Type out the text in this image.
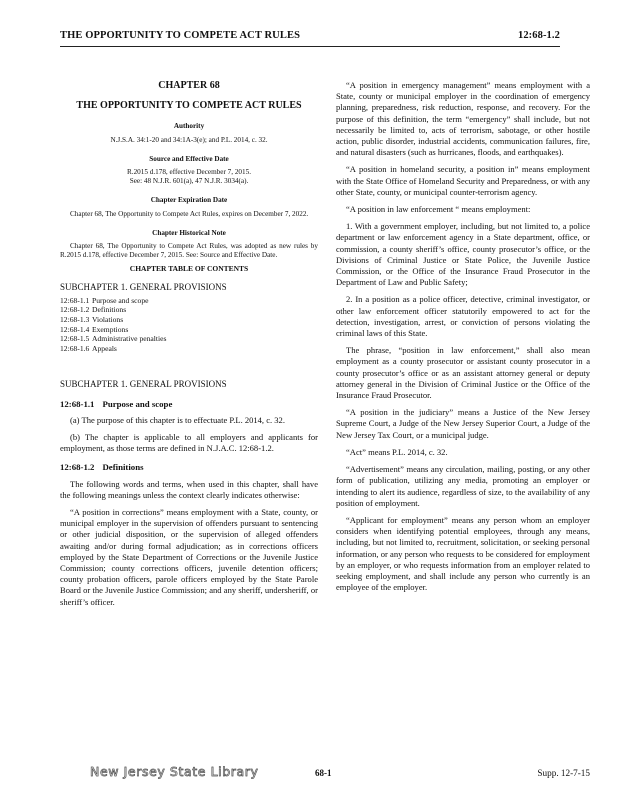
THE OPPORTUNITY TO COMPETE ACT RULES	12:68-1.2

CHAPTER 68

THE OPPORTUNITY TO COMPETE ACT RULES

Authority

N.J.S.A. 34:1-20 and 34:1A-3(e); and P.L. 2014, c. 32.

Source and Effective Date

R.2015 d.178, effective December 7, 2015.
See: 48 N.J.R. 601(a), 47 N.J.R. 3034(a).

Chapter Expiration Date

Chapter 68, The Opportunity to Compete Act Rules, expires on December 7, 2022.

Chapter Historical Note

Chapter 68, The Opportunity to Compete Act Rules, was adopted as new rules by R.2015 d.178, effective December 7, 2015. See: Source and Effective Date.

CHAPTER TABLE OF CONTENTS

SUBCHAPTER 1. GENERAL PROVISIONS

12:68-1.1 Purpose and scope
12:68-1.2 Definitions
12:68-1.3 Violations
12:68-1.4 Exemptions
12:68-1.5 Administrative penalties
12:68-1.6 Appeals

SUBCHAPTER 1. GENERAL PROVISIONS

12:68-1.1 Purpose and scope

(a) The purpose of this chapter is to effectuate P.L. 2014, c. 32.

(b) The chapter is applicable to all employers and applicants for employment, as those terms are defined in N.J.A.C. 12:68-1.2.

12:68-1.2 Definitions

The following words and terms, when used in this chapter, shall have the following meanings unless the context clearly indicates otherwise:

“A position in corrections” means employment with a State, county, or municipal employer in the supervision of offenders pursuant to sentencing or other judicial disposition, or the supervision of alleged offenders awaiting and/or during formal adjudication; as in corrections officers employed by the State Department of Corrections or the Juvenile Justice Commission; county corrections officers, juvenile detention officers; county probation officers, parole officers employed by the State Parole Board or the Juvenile Justice Commission; and any sheriff, undersheriff, or sheriff’s officer.

“A position in emergency management” means employment with a State, county or municipal employer in the coordination of emergency planning, preparedness, risk reduction, response, and recovery. For the purpose of this definition, the term “emergency” shall include, but not necessarily be limited to, acts of terrorism, sabotage, or other hostile action, public disorder, industrial accidents, communication failures, fire, and natural disasters (such as hurricanes, floods, and earthquakes).

“A position in homeland security, a position in” means employment with the State Office of Homeland Security and Preparedness, or with any other State, county, or municipal counter-terrorism agency.

“A position in law enforcement “ means employment:

1. With a government employer, including, but not limited to, a police department or law enforcement agency in a State department, office, or commission, a county sheriff’s office, county prosecutor’s office, or the Divisions of Criminal Justice or State Police, the Juvenile Justice Commission, or the Office of the Insurance Fraud Prosecutor in the Department of Law and Public Safety;

2. In a position as a police officer, detective, criminal investigator, or other law enforcement officer statutorily empowered to act for the detection, investigation, arrest, or conviction of persons violating the criminal laws of this State.

The phrase, “position in law enforcement,” shall also mean employment as a county prosecutor or assistant county prosecutor in a county prosecutor’s office or as an assistant attorney general or deputy attorney general in the Division of Criminal Justice or the Office of the Insurance Fraud Prosecutor.

“A position in the judiciary” means a Justice of the New Jersey Supreme Court, a Judge of the New Jersey Superior Court, a Judge of the New Jersey Tax Court, or a municipal judge.

“Act” means P.L. 2014, c. 32.

“Advertisement” means any circulation, mailing, posting, or any other form of publication, utilizing any media, promoting an employer or intending to alert its audience, regardless of size, to the availability of any position of employment.

“Applicant for employment” means any person whom an employer considers when identifying potential employees, through any means, including, but not limited to, recruitment, solicitation, or seeking personal information, or any person who requests to be considered for employment by an employer, or who requests information from an employer related to seeking employment, and shall include any person who currently is an employee of the employer.

New Jersey State Library	68-1	Supp. 12-7-15
